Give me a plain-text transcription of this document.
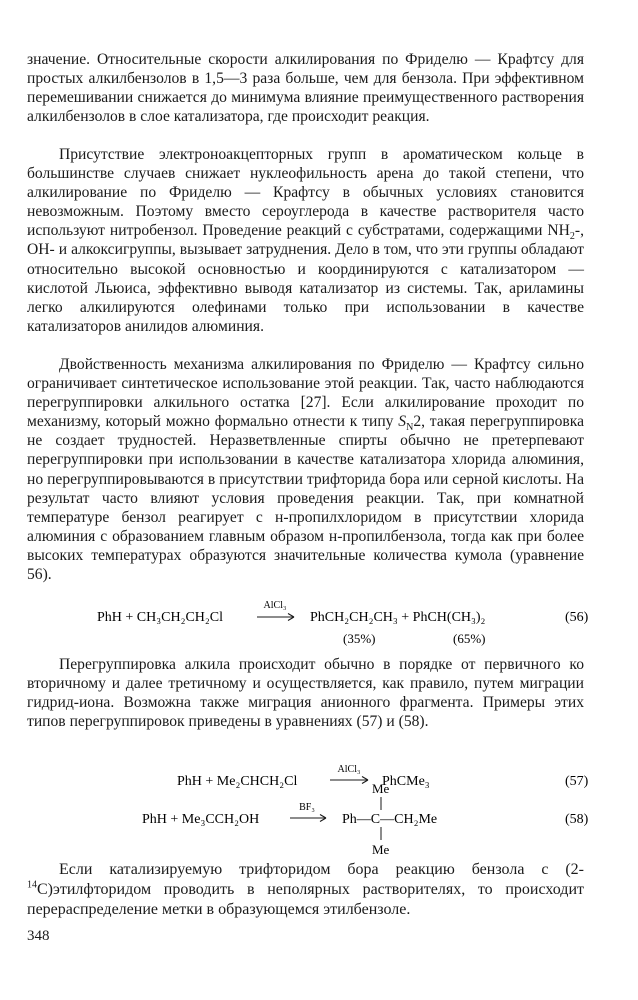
значение. Относительные скорости алкилирования по Фриделю — Крафтсу для простых алкилбензолов в 1,5—3 раза больше, чем для бензола. При эффективном перемешивании снижается до минимума влияние преимущественного растворения алкилбензолов в слое катализатора, где происходит реакция.

Присутствие электроноакцепторных групп в ароматическом кольце в большинстве случаев снижает нуклеофильность арена до такой степени, что алкилирование по Фриделю — Крафтсу в обычных условиях становится невозможным. Поэтому вместо сероуглерода в качестве растворителя часто используют нитробензол. Проведение реакций с субстратами, содержащими $NH_2-$, OH- и алкоксигруппы, вызывает затруднения. Дело в том, что эти группы обладают относительно высокой основностью и координируются с катализатором — кислотой Льюиса, эффективно выводя катализатор из системы. Так, ариламины легко алкилируются олефинами только при использовании в качестве катализаторов анилидов алюминия.

Двойственность механизма алкилирования по Фриделю — Крафтсу сильно ограничивает синтетическое использование этой реакции. Так, часто наблюдаются перегруппировки алкильного остатка [27]. Если алкилирование проходит по механизму, который можно формально отнести к типу $S_N2$, такая перегруппировка не создает трудностей. Неразветвленные спирты обычно не претерпевают перегруппировки при использовании в качестве катализатора хлорида алюминия, но перегруппировываются в присутствии трифторида бора или серной кислоты. На результат часто влияют условия проведения реакции. Так, при комнатной температуре бензол реагирует с н-пропилхлоридом в присутствии хлорида алюминия с образованием главным образом н-пропилбензола, тогда как при более высоких температурах образуются значительные количества кумола (уравнение 56).

PhH + CH₃CH₂CH₂Cl
AlCl₃
PhCH₂CH₂CH₃ + PhCH(CH₃)₂
(35%)	(65%)
(56)

Перегруппировка алкила происходит обычно в порядке от первичного ко вторичному и далее третичному и осуществляется, как правило, путем миграции гидрид-иона. Возможна также миграция анионного фрагмента. Примеры этих типов перегруппировок приведены в уравнениях (57) и (58).

PhH + Me₂CHCH₂Cl
AlCl₃
PhCMe₃	(57)
PhH + Me₃CCH₂OH
BF₃
Me
Ph—C—CH₂Me
Me
(58)

Если катализируемую трифторидом бора реакцию бензола с (2-$^{14}$C)этилфторидом проводить в неполярных растворителях, то происходит перераспределение метки в образующемся этилбензоле.

348
